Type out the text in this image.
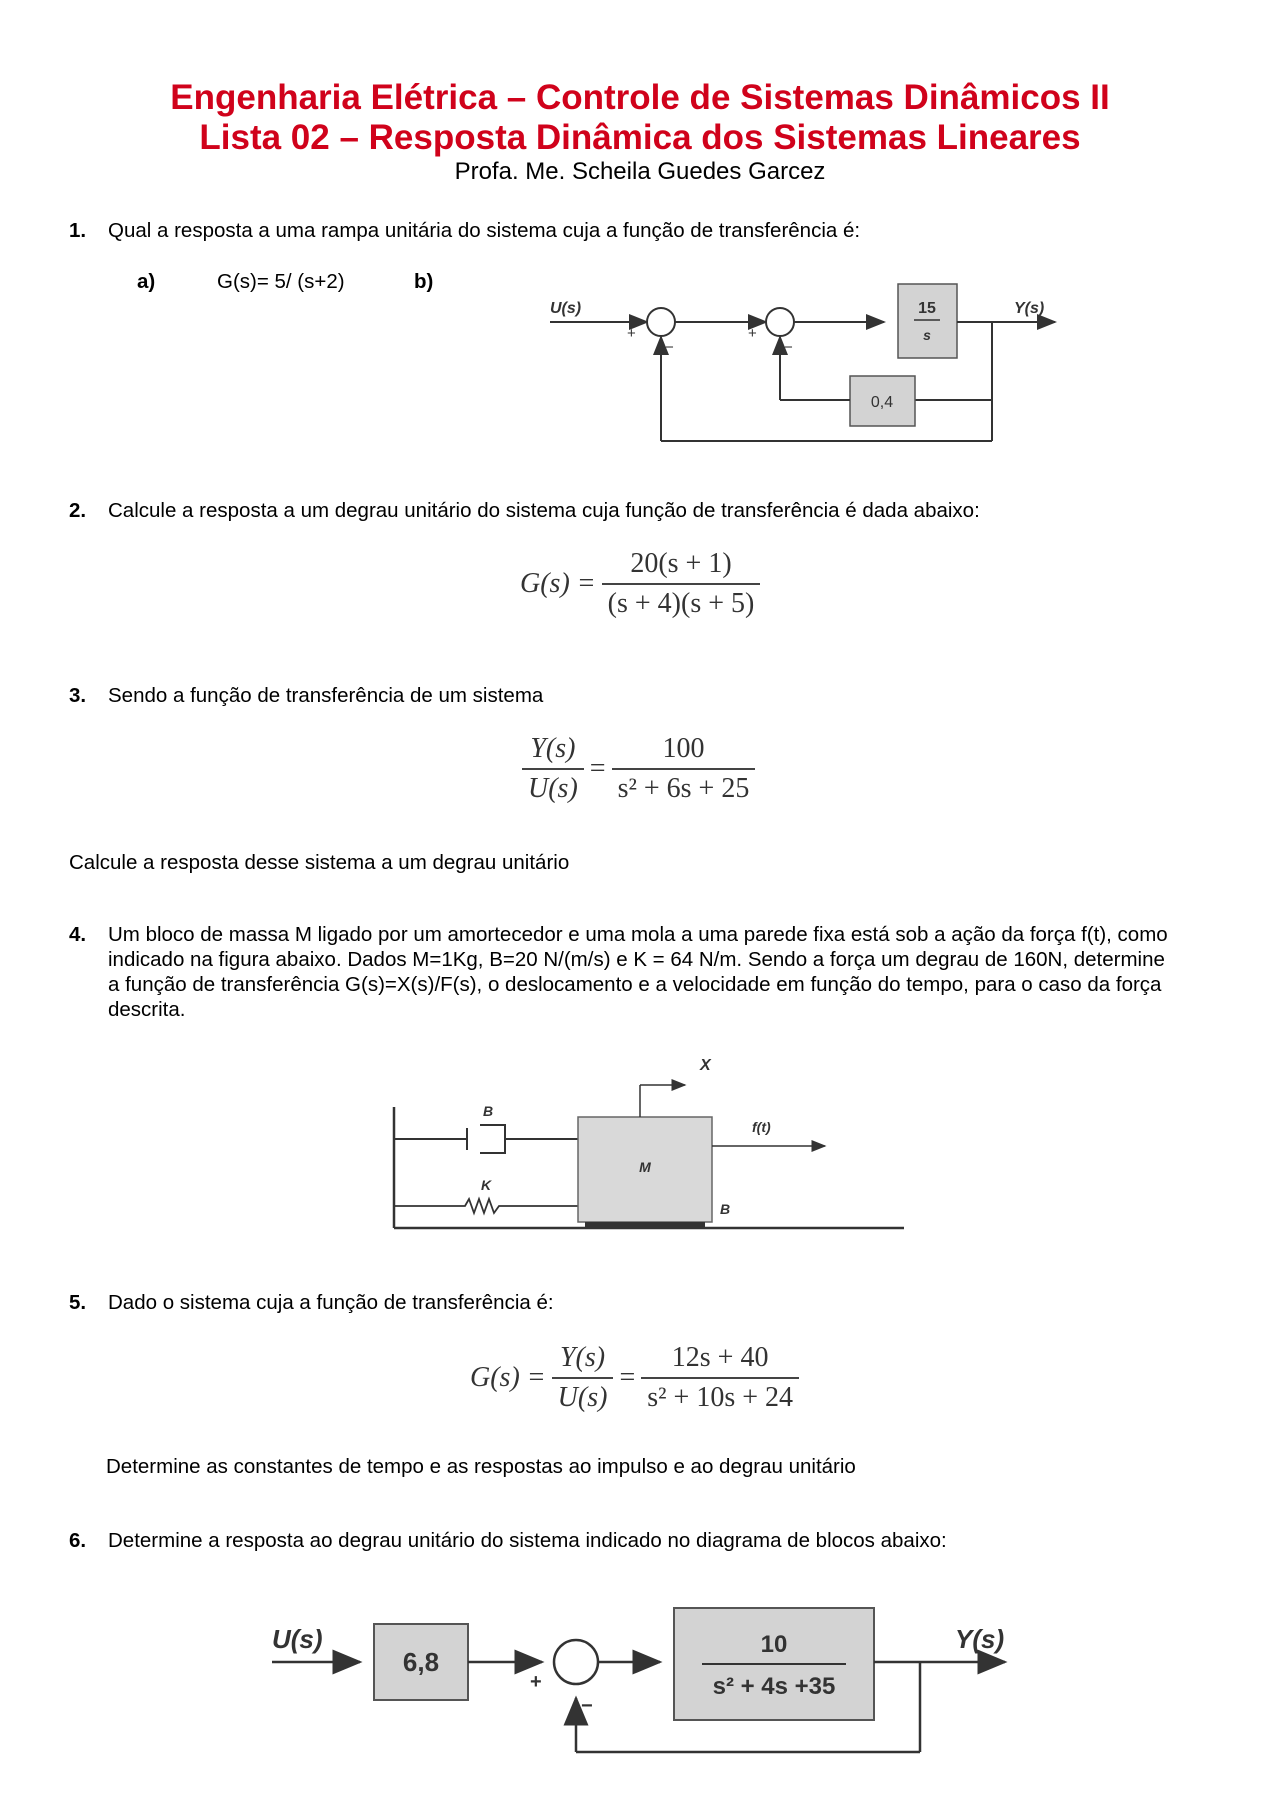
Engenharia Elétrica – Controle de Sistemas Dinâmicos II
Lista 02 – Resposta Dinâmica dos Sistemas Lineares
Profa. Me. Scheila Guedes Garcez
1. Qual a resposta a uma rampa unitária do sistema cuja a função de transferência é:
a)	G(s)= 5/ (s+2)	b)
U(s)
+
−
+
−
15
s
Y(s)
0,4
2. Calcule a resposta a um degrau unitário do sistema cuja função de transferência é dada abaixo:
$G(s) = \frac{20(s + 1)}{(s + 4)(s + 5)}$
3. Sendo a função de transferência de um sistema
$\frac{Y(s)}{U(s)} = \frac{100}{\text{s² + 6s + 25}}$
Calcule a resposta desse sistema a um degrau unitário
4. Um bloco de massa M ligado por um amortecedor e uma mola a uma parede fixa está sob a ação da força f(t), como
indicado na figura abaixo. Dados M=1Kg, B=20 N/(m/s) e K = 64 N/m. Sendo a força um degrau de 160N, determine
a função de transferência G(s)=X(s)/F(s), o deslocamento e a velocidade em função do tempo, para o caso da força
descrita.
B
K
M
B
X
f(t)
5. Dado o sistema cuja a função de transferência é:
$G(s) = \frac{Y(s)}{U(s)} = \frac{12s + 40}{\text{s² + 10s + 24}}$
Determine as constantes de tempo e as respostas ao impulso e ao degrau unitário
6. Determine a resposta ao degrau unitário do sistema indicado no diagrama de blocos abaixo:
U(s)
6,8
+
−
10
s² + 4s +35
Y(s)
